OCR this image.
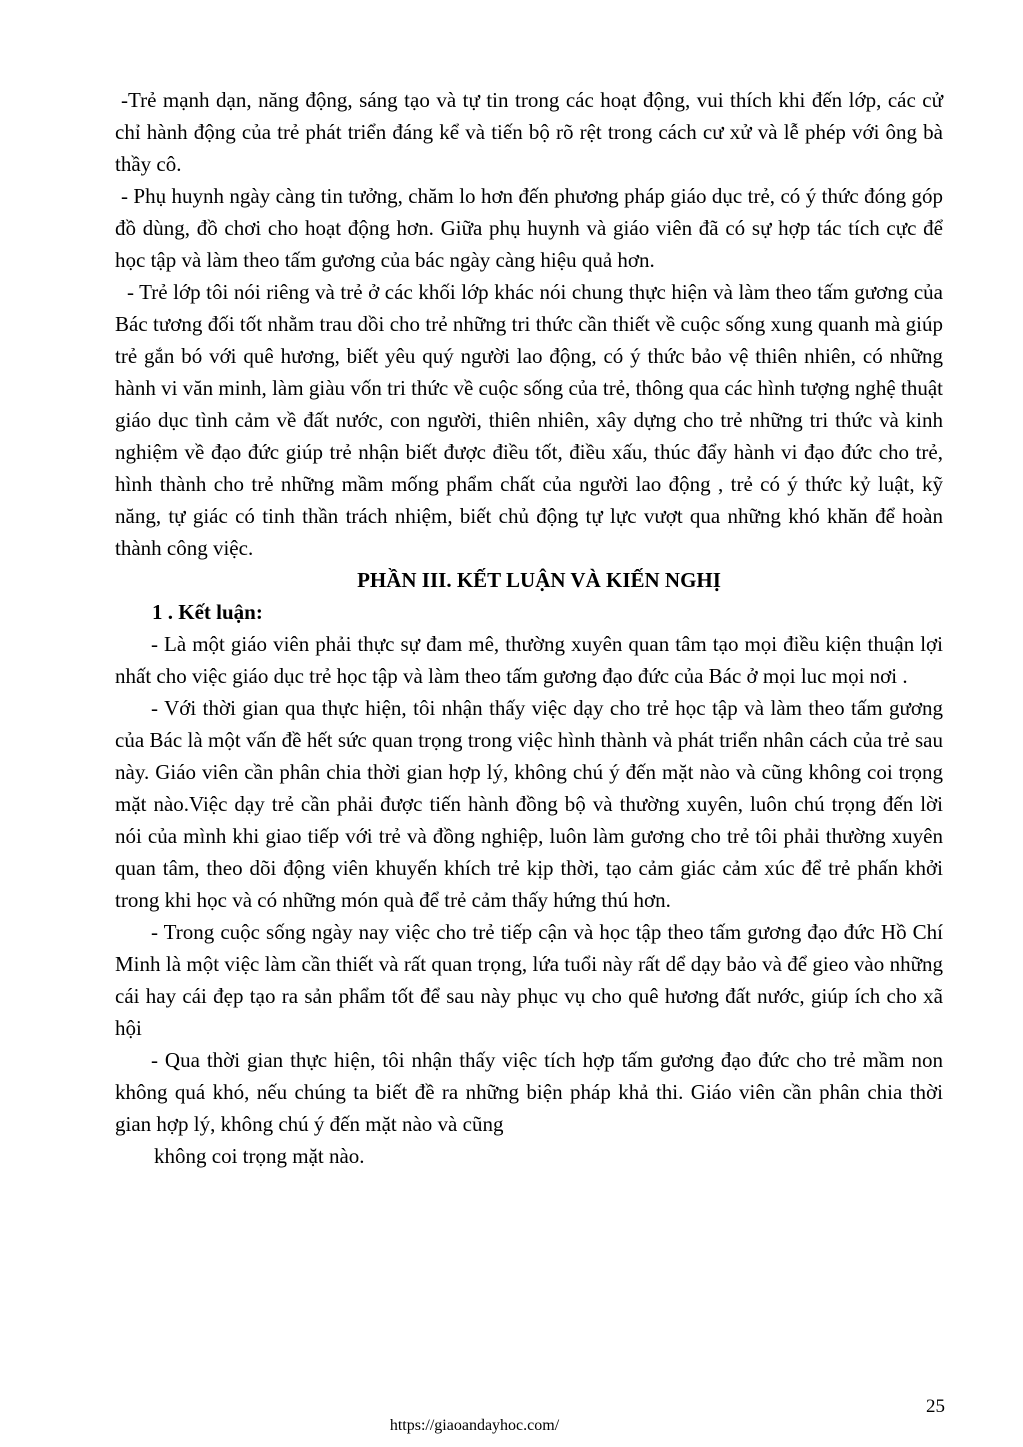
-Trẻ mạnh dạn, năng động, sáng tạo và tự tin trong các hoạt động, vui thích khi đến lớp, các cử chỉ hành động của trẻ phát triển đáng kể và tiến bộ rõ rệt trong cách cư xử và lễ phép với ông bà thầy cô.

- Phụ huynh ngày càng tin tưởng, chăm lo hơn đến phương pháp giáo dục trẻ, có ý thức đóng góp đồ dùng, đồ chơi cho hoạt động hơn. Giữa phụ huynh và giáo viên đã có sự hợp tác tích cực để học tập và làm theo tấm gương của bác ngày càng hiệu quả hơn.

- Trẻ lớp tôi nói riêng và trẻ ở các khối lớp khác nói chung thực hiện và làm theo tấm gương của Bác tương đối tốt nhằm trau dồi cho trẻ những tri thức cần thiết về cuộc sống xung quanh mà giúp trẻ gắn bó với quê hương, biết yêu quý người lao động, có ý thức bảo vệ thiên nhiên, có những hành vi văn minh, làm giàu vốn tri thức về cuộc sống của trẻ, thông qua các hình tượng nghệ thuật giáo dục tình cảm về đất nước, con người, thiên nhiên, xây dựng cho trẻ những tri thức và kinh nghiệm về đạo đức giúp trẻ nhận biết được điều tốt, điều xấu, thúc đẩy hành vi đạo đức cho trẻ, hình thành cho trẻ những mầm mống phẩm chất của người lao động , trẻ có ý thức kỷ luật, kỹ năng, tự giác có tinh thần trách nhiệm, biết chủ động tự lực vượt qua những khó khăn để hoàn thành công việc.

PHẦN III. KẾT LUẬN VÀ KIẾN NGHỊ

1 . Kết luận:

- Là một giáo viên phải thực sự đam mê, thường xuyên quan tâm tạo mọi điều kiện thuận lợi nhất cho việc giáo dục trẻ học tập và làm theo tấm gương đạo đức của Bác ở mọi luc mọi nơi .

- Với thời gian qua thực hiện, tôi nhận thấy việc dạy cho trẻ học tập và làm theo tấm gương của Bác là một vấn đề hết sức quan trọng trong việc hình thành và phát triển nhân cách của trẻ sau này. Giáo viên cần phân chia thời gian hợp lý, không chú ý đến mặt nào và cũng không coi trọng mặt nào.Việc dạy trẻ cần phải được tiến hành đồng bộ và thường xuyên, luôn chú trọng đến lời nói của mình khi giao tiếp với trẻ và đồng nghiệp, luôn làm gương cho trẻ tôi phải thường xuyên quan tâm, theo dõi động viên khuyến khích trẻ kịp thời, tạo cảm giác cảm xúc để trẻ phấn khởi trong khi học và có những món quà để trẻ cảm thấy hứng thú hơn.

- Trong cuộc sống ngày nay việc cho trẻ tiếp cận và học tập theo tấm gương đạo đức Hồ Chí Minh là một việc làm cần thiết và rất quan trọng, lứa tuổi này rất dể dạy bảo và để gieo vào những cái hay cái đẹp tạo ra sản phẩm tốt để sau này phục vụ cho quê hương đất nước, giúp ích cho xã hội

- Qua thời gian thực hiện, tôi nhận thấy việc tích hợp tấm gương đạo đức cho trẻ mầm non không quá khó, nếu chúng ta biết đề ra những biện pháp khả thi. Giáo viên cần phân chia thời gian hợp lý, không chú ý đến mặt nào và cũng

không coi trọng mặt nào.

25
https://giaoandayhoc.com/
